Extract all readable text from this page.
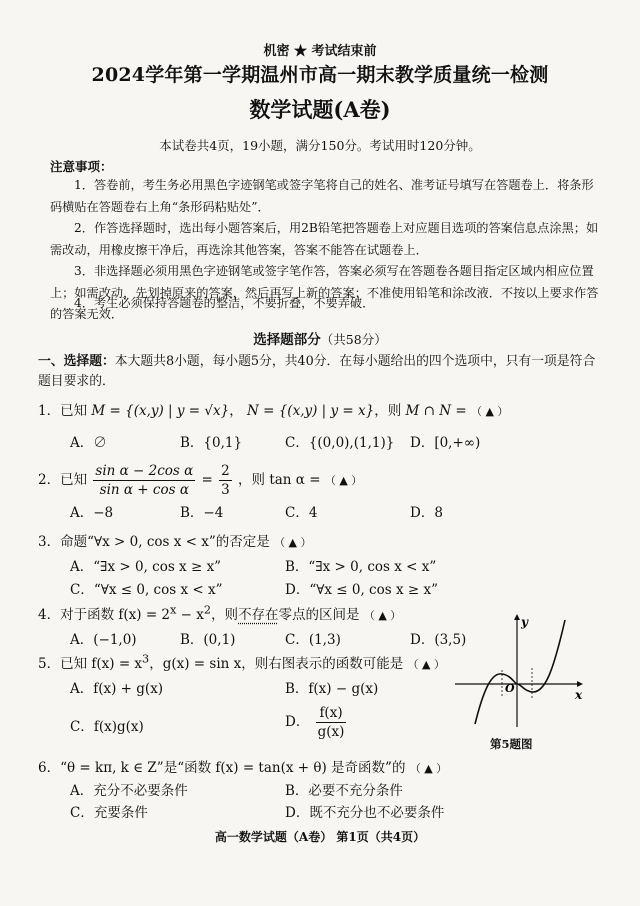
机密 ★ 考试结束前
2024学年第一学期温州市高一期末教学质量统一检测
数学试题(A卷)
本试卷共4页，19小题，满分150分。考试用时120分钟。
注意事项：
1．答卷前，考生务必用黑色字迹钢笔或签字笔将自己的姓名、准考证号填写在答题卷上．将条形码横贴在答题卷右上角“条形码粘贴处”．
2．作答选择题时，选出每小题答案后，用2B铅笔把答题卷上对应题目选项的答案信息点涂黑；如需改动，用橡皮擦干净后，再选涂其他答案，答案不能答在试题卷上．
3．非选择题必须用黑色字迹钢笔或签字笔作答，答案必须写在答题卷各题目指定区域内相应位置上；如需改动，先划掉原来的答案，然后再写上新的答案；不准使用铅笔和涂改液．不按以上要求作答的答案无效．
4．考生必须保持答题卷的整洁，不要折叠，不要弄破．
选择题部分（共58分）
一、选择题：本大题共8小题，每小题5分，共40分．在每小题给出的四个选项中，只有一项是符合题目要求的．
1．已知 M = {(x,y) | y = √x}， N = {(x,y) | y = x}，则 M ∩ N = （ ▲ ）
A．∅	B．{0,1}	C．{(0,0),(1,1)} D．[0,+∞)
2．已知 $\frac{\text{sin α − 2cos α}}{\text{sin α + cos α}} = \frac{2}{3}$ ，则 tan α = （ ▲ ）
A．−8	B．−4	C．4	D．8
3．命题“∀x > 0, cos x < x”的否定是 （ ▲ ）
A．“∃x > 0, cos x ≥ x”	B．“∃x > 0, cos x < x”
C．“∀x ≤ 0, cos x < x”	D．“∀x ≤ 0, cos x ≥ x”
4．对于函数 $f(x) = 2^x - x^2$，则不存在零点的区间是 （ ▲ ）
A．(−1,0)	B．(0,1)	C．(1,3)	D．(3,5)
5．已知 $f(x) = x^3$，g(x) = sin x，则右图表示的函数可能是 （ ▲ ）
A．f(x) + g(x)	B．f(x) − g(x)
C．f(x)g(x)	D． $\frac{f(x)}{g(x)}$
y
x
O
第5题图
6．“θ = kπ, k ∈ Z”是“函数 f(x) = tan(x + θ) 是奇函数”的 （ ▲ ）
A．充分不必要条件	B．必要不充分条件
C．充要条件	D．既不充分也不必要条件
高一数学试题（A卷） 第1页（共4页）
